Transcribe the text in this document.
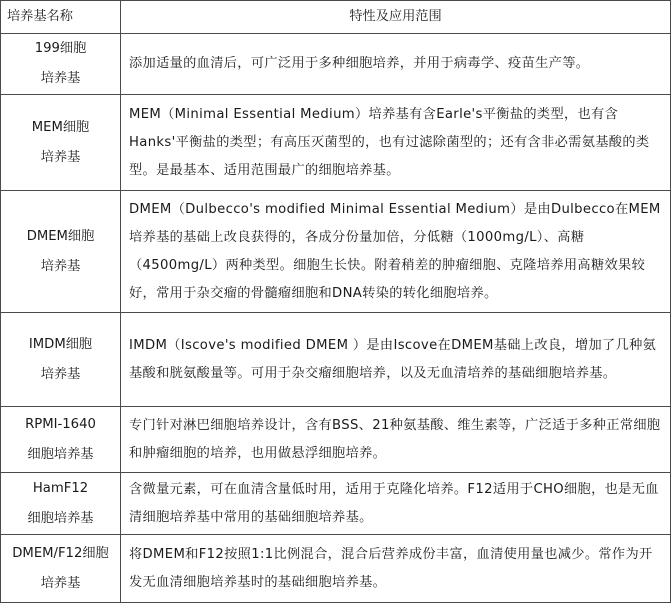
培养基名称	特性及应用范围

199细胞
培养基	添加适量的血清后，可广泛用于多种细胞培养，并用于病毒学、疫苗生产等。

MEM细胞
培养基	MEM（Minimal Essential Medium）培养基有含Earle's平衡盐的类型，也有含Hanks'平衡盐的类型；有高压灭菌型的，也有过滤除菌型的；还有含非必需氨基酸的类型。是最基本、适用范围最广的细胞培养基。

DMEM细胞
培养基	DMEM（Dulbecco's modified Minimal Essential Medium）是由Dulbecco在MEM培养基的基础上改良获得的，各成分份量加倍，分低糖（1000mg/L）、高糖（4500mg/L）两种类型。细胞生长快。附着稍差的肿瘤细胞、克隆培养用高糖效果较好，常用于杂交瘤的骨髓瘤细胞和DNA转染的转化细胞培养。

IMDM细胞
培养基	IMDM（Iscove's modified DMEM ）是由Iscove在DMEM基础上改良，增加了几种氨基酸和胱氨酸量等。可用于杂交瘤细胞培养，以及无血清培养的基础细胞培养基。

RPMI-1640
细胞培养基	专门针对淋巴细胞培养设计，含有BSS、21种氨基酸、维生素等，广泛适于多种正常细胞和肿瘤细胞的培养，也用做悬浮细胞培养。

HamF12
细胞培养基	含微量元素，可在血清含量低时用，适用于克隆化培养。F12适用于CHO细胞，也是无血清细胞培养基中常用的基础细胞培养基。

DMEM/F12细胞
培养基	将DMEM和F12按照1:1比例混合，混合后营养成份丰富，血清使用量也减少。常作为开发无血清细胞培养基时的基础细胞培养基。
